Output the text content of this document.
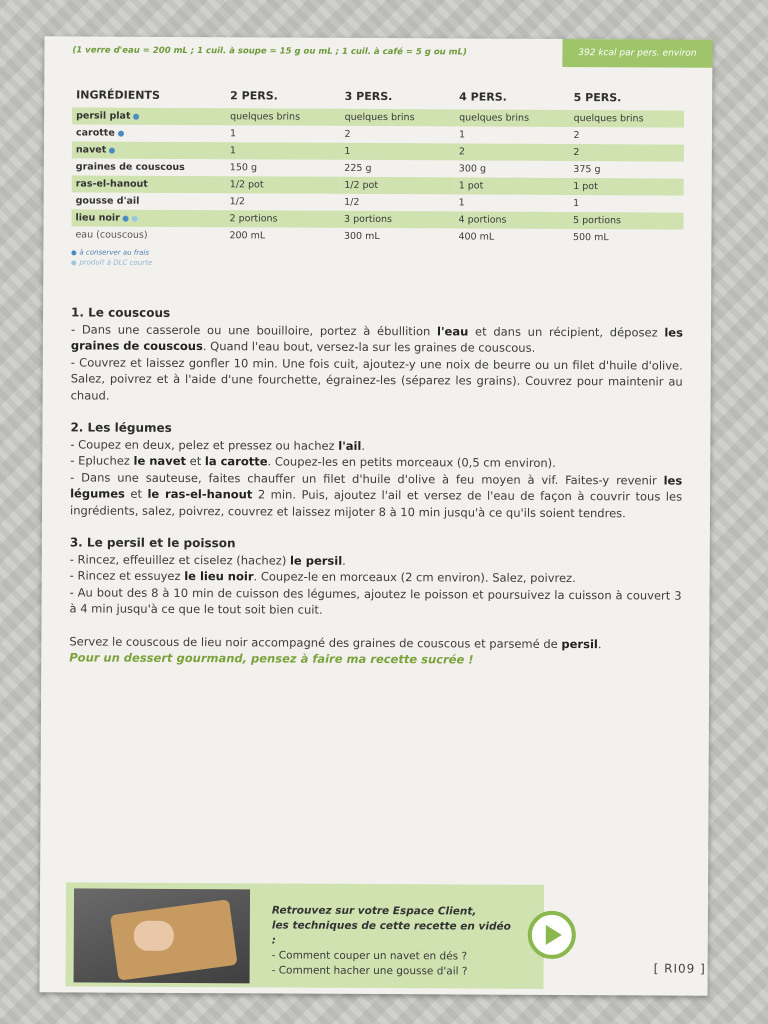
(1 verre d'eau = 200 mL ; 1 cuil. à soupe = 15 g ou mL ; 1 cuil. à café = 5 g ou mL)	392 kcal par pers. environ
INGRÉDIENTS	2 PERS.	3 PERS.	4 PERS.	5 PERS.
persil plat	quelques brins	quelques brins	quelques brins	quelques brins
carotte	1	2	1	2
navet	1	1	2	2
graines de couscous	150 g	225 g	300 g	375 g
ras-el-hanout	1/2 pot	1/2 pot	1 pot	1 pot
gousse d'ail	1/2	1/2	1	1
lieu noir	2 portions	3 portions	4 portions	5 portions
eau (couscous)	200 mL	300 mL	400 mL	500 mL
à conserver au frais
produit à DLC courte
1. Le couscous

- Dans une casserole ou une bouilloire, portez à ébullition l'eau et dans un récipient, déposez les graines de couscous. Quand l'eau bout, versez-la sur les graines de couscous.

- Couvrez et laissez gonfler 10 min. Une fois cuit, ajoutez-y une noix de beurre ou un filet d'huile d'olive. Salez, poivrez et à l'aide d'une fourchette, égrainez-les (séparez les grains). Couvrez pour maintenir au chaud.

2. Les légumes

- Coupez en deux, pelez et pressez ou hachez l'ail.

- Epluchez le navet et la carotte. Coupez-les en petits morceaux (0,5 cm environ).

- Dans une sauteuse, faites chauffer un filet d'huile d'olive à feu moyen à vif. Faites-y revenir les légumes et le ras-el-hanout 2 min. Puis, ajoutez l'ail et versez de l'eau de façon à couvrir tous les ingrédients, salez, poivrez, couvrez et laissez mijoter 8 à 10 min jusqu'à ce qu'ils soient tendres.

3. Le persil et le poisson

- Rincez, effeuillez et ciselez (hachez) le persil.

- Rincez et essuyez le lieu noir. Coupez-le en morceaux (2 cm environ). Salez, poivrez.

- Au bout des 8 à 10 min de cuisson des légumes, ajoutez le poisson et poursuivez la cuisson à couvert 3 à 4 min jusqu'à ce que le tout soit bien cuit.

Servez le couscous de lieu noir accompagné des graines de couscous et parsemé de persil.

Pour un dessert gourmand, pensez à faire ma recette sucrée !

Retrouvez sur votre Espace Client,
les techniques de cette recette en vidéo :
- Comment couper un navet en dés ?
- Comment hacher une gousse d'ail ?	[ RI09 ]
